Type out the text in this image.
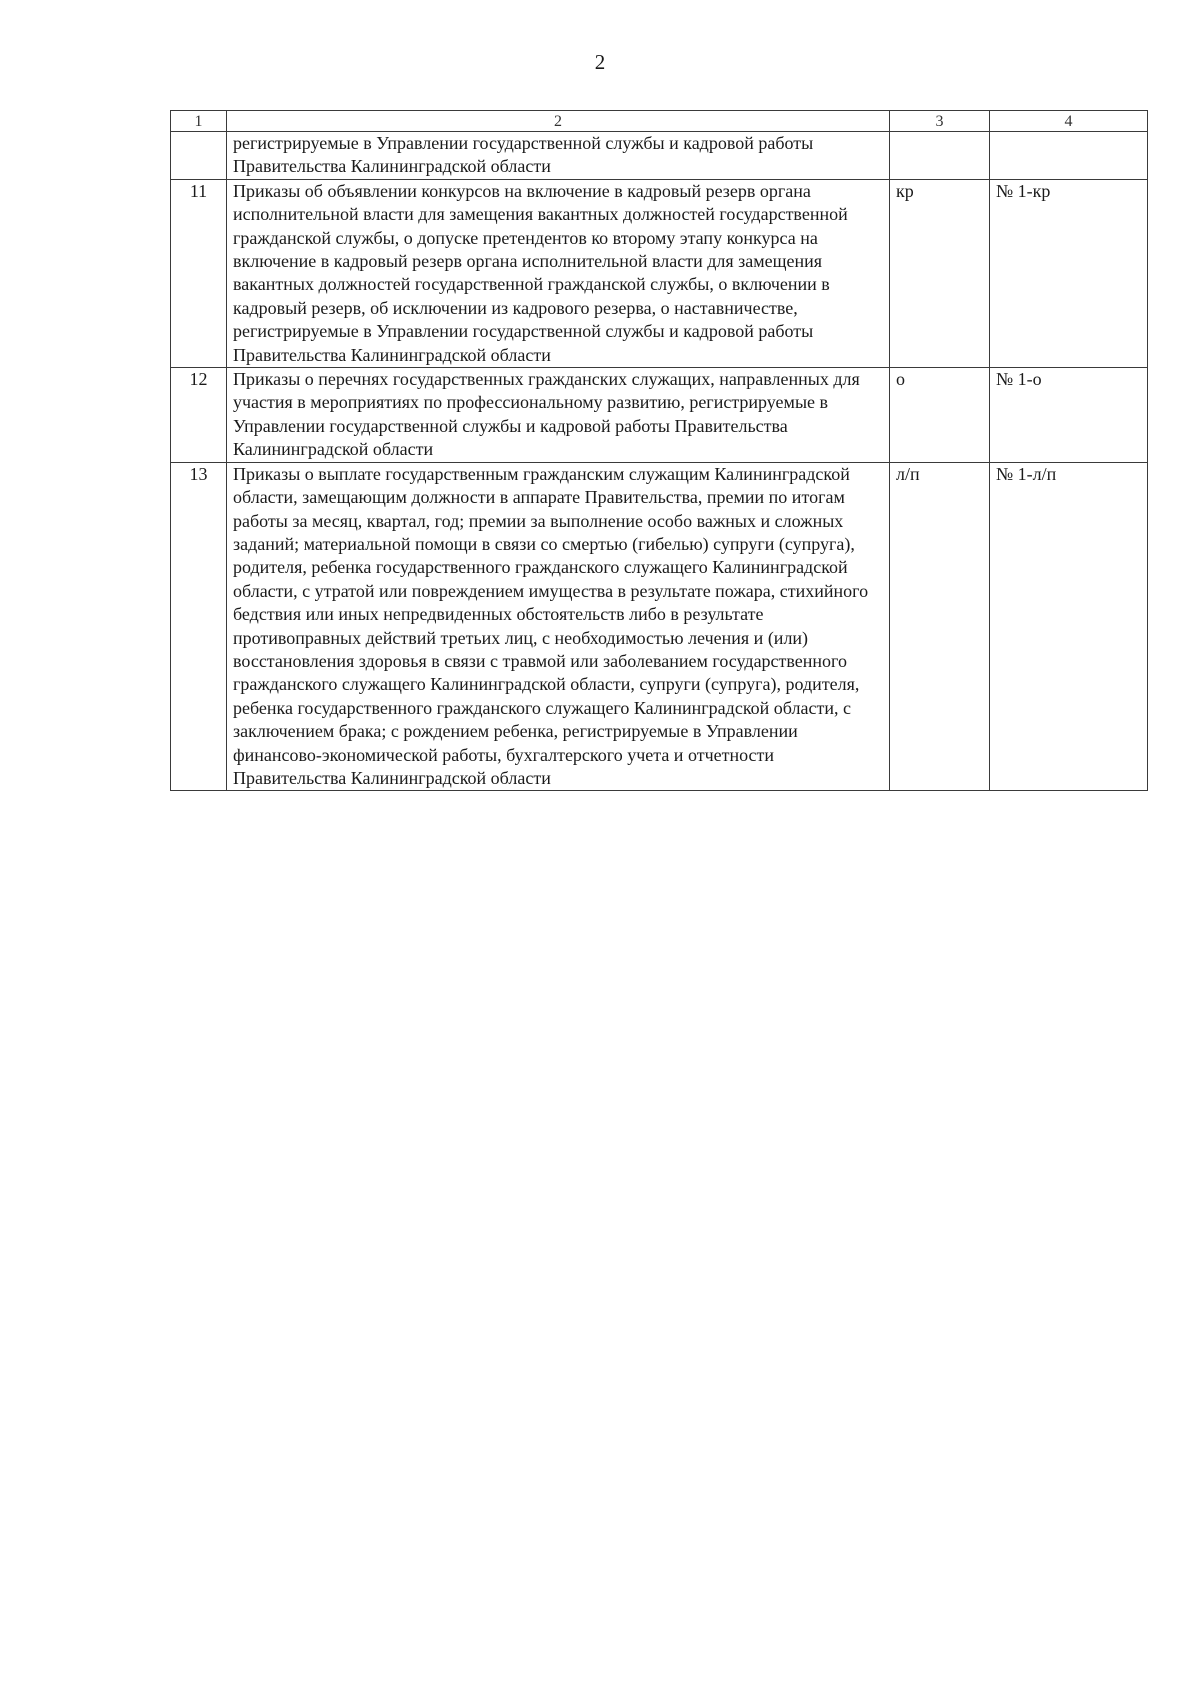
2
1	2	3	4
	регистрируемые в Управлении государственной службы и кадровой работы Правительства Калининградской области		
11	Приказы об объявлении конкурсов на включение в кадровый резерв органа исполнительной власти для замещения вакантных должностей государственной гражданской службы, о допуске претендентов ко второму этапу конкурса на включение в кадровый резерв органа исполнительной власти для замещения вакантных должностей государственной гражданской службы, о включении в кадровый резерв, об исключении из кадрового резерва, о наставничестве, регистрируемые в Управлении государственной службы и кадровой работы Правительства Калининградской области	кр	№ 1-кр
12	Приказы о перечнях государственных гражданских служащих, направленных для участия в мероприятиях по профессиональному развитию, регистрируемые в Управлении государственной службы и кадровой работы Правительства Калининградской области	о	№ 1-о
13	Приказы о выплате государственным гражданским служащим Калининградской области, замещающим должности в аппарате Правительства, премии по итогам работы за месяц, квартал, год; премии за выполнение особо важных и сложных заданий; материальной помощи в связи со смертью (гибелью) супруги (супруга), родителя, ребенка государственного гражданского служащего Калининградской области, с утратой или повреждением имущества в результате пожара, стихийного бедствия или иных непредвиденных обстоятельств либо в результате противоправных действий третьих лиц, с необходимостью лечения и (или) восстановления здоровья в связи с травмой или заболеванием государственного гражданского служащего Калининградской области, супруги (супруга), родителя, ребенка государственного гражданского служащего Калининградской области, с заключением брака; с рождением ребенка, регистрируемые в Управлении финансово-экономической работы, бухгалтерского учета и отчетности Правительства Калининградской области	л/п	№ 1-л/п
